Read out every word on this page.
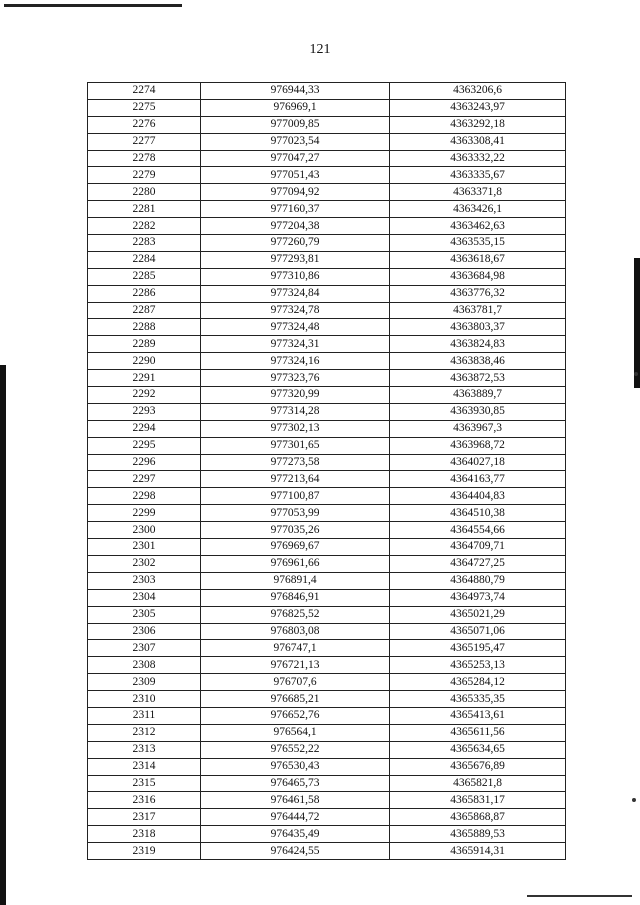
121
2274	976944,33	4363206,6
2275	976969,1	4363243,97
2276	977009,85	4363292,18
2277	977023,54	4363308,41
2278	977047,27	4363332,22
2279	977051,43	4363335,67
2280	977094,92	4363371,8
2281	977160,37	4363426,1
2282	977204,38	4363462,63
2283	977260,79	4363535,15
2284	977293,81	4363618,67
2285	977310,86	4363684,98
2286	977324,84	4363776,32
2287	977324,78	4363781,7
2288	977324,48	4363803,37
2289	977324,31	4363824,83
2290	977324,16	4363838,46
2291	977323,76	4363872,53
2292	977320,99	4363889,7
2293	977314,28	4363930,85
2294	977302,13	4363967,3
2295	977301,65	4363968,72
2296	977273,58	4364027,18
2297	977213,64	4364163,77
2298	977100,87	4364404,83
2299	977053,99	4364510,38
2300	977035,26	4364554,66
2301	976969,67	4364709,71
2302	976961,66	4364727,25
2303	976891,4	4364880,79
2304	976846,91	4364973,74
2305	976825,52	4365021,29
2306	976803,08	4365071,06
2307	976747,1	4365195,47
2308	976721,13	4365253,13
2309	976707,6	4365284,12
2310	976685,21	4365335,35
2311	976652,76	4365413,61
2312	976564,1	4365611,56
2313	976552,22	4365634,65
2314	976530,43	4365676,89
2315	976465,73	4365821,8
2316	976461,58	4365831,17
2317	976444,72	4365868,87
2318	976435,49	4365889,53
2319	976424,55	4365914,31
